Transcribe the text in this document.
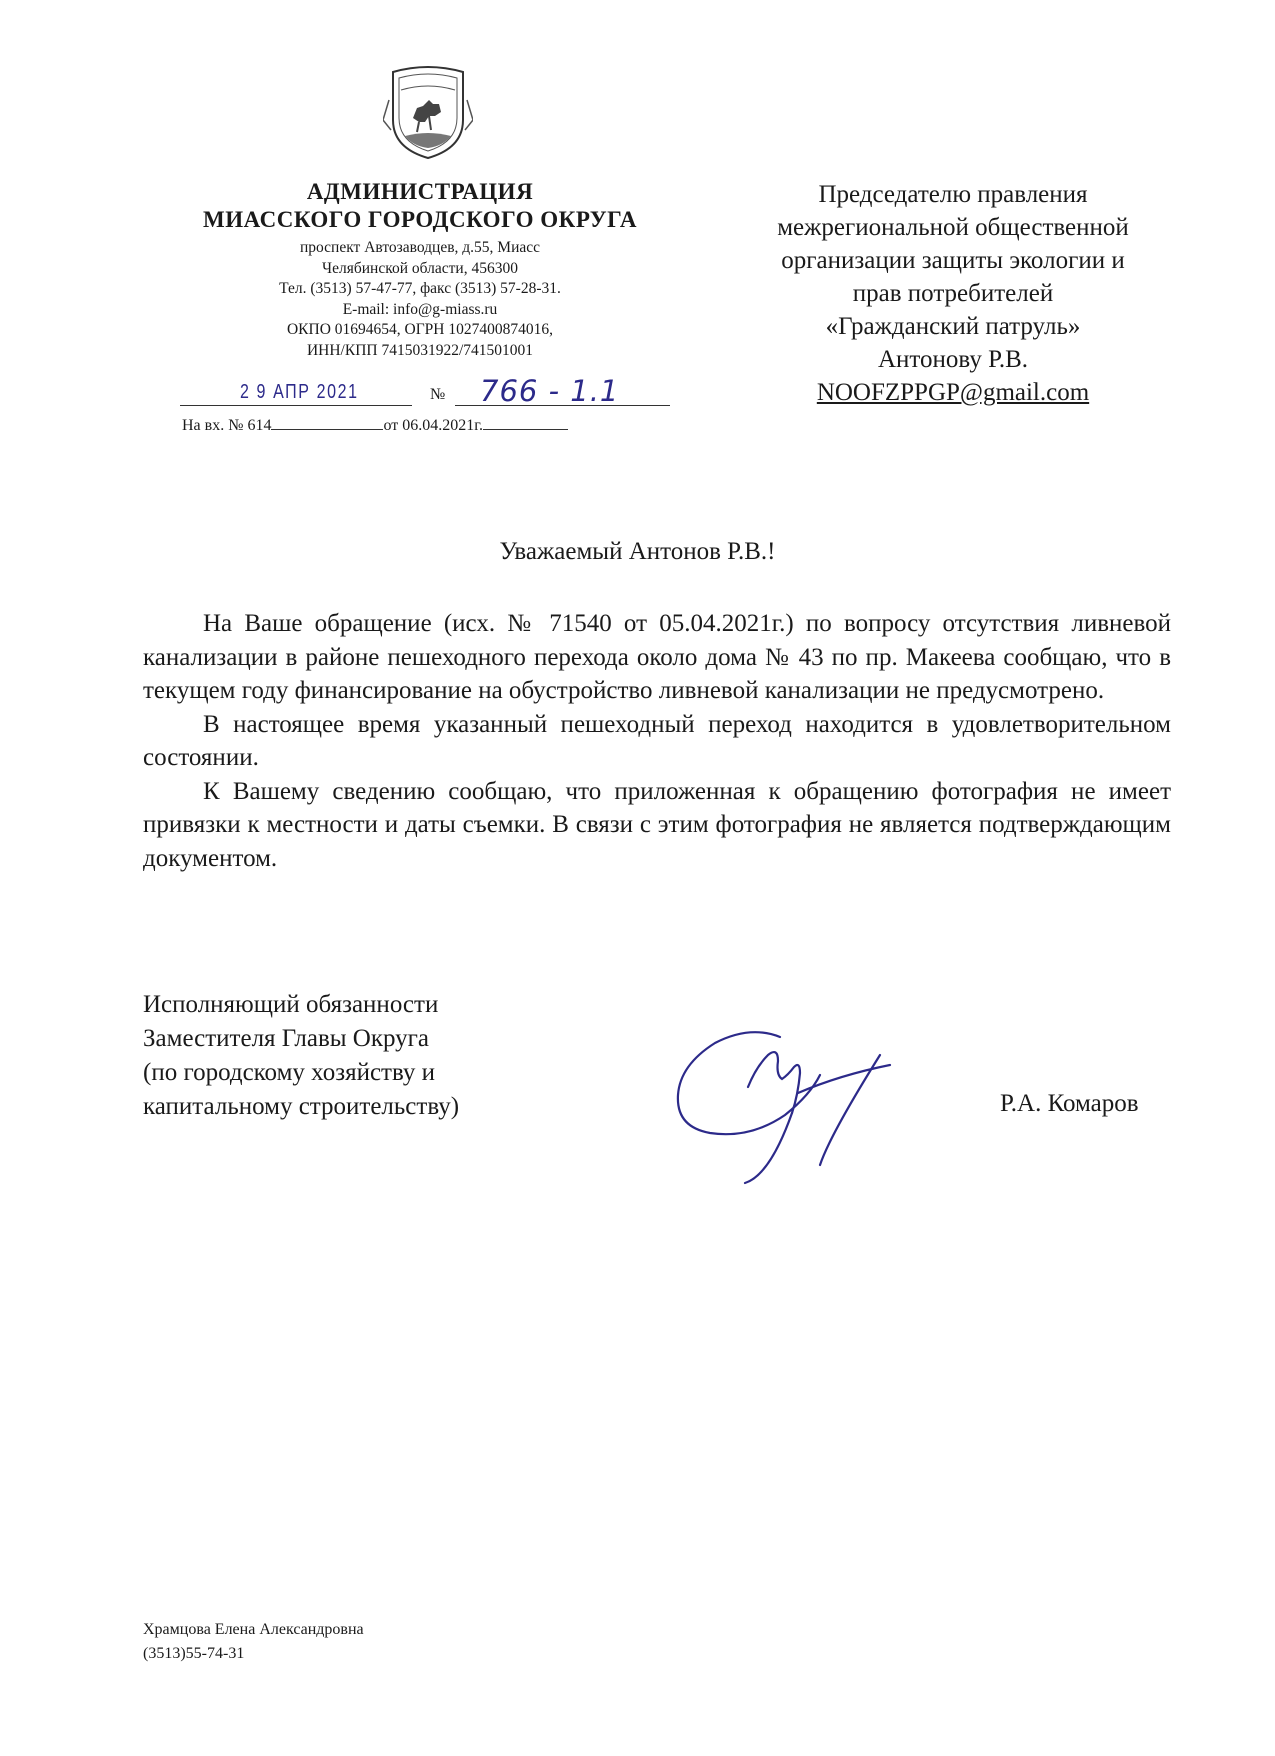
АДМИНИСТРАЦИЯ
МИАССКОГО ГОРОДСКОГО ОКРУГА
проспект Автозаводцев, д.55, Миасс
Челябинской области, 456300
Тел. (3513) 57-47-77, факс (3513) 57-28-31.
E-mail: info@g-miass.ru
ОКПО 01694654, ОГРН 1027400874016,
ИНН/КПП 7415031922/741501001
2 9 АПР 2021	№ 766 - 1.1
На вх. № 614	от 06.04.2021г.
Председателю правления
межрегиональной общественной
организации защиты экологии и
прав потребителей
«Гражданский патруль»
Антонову Р.В.
NOOFZPPGP@gmail.com
Уважаемый Антонов Р.В.!

На Ваше обращение (исх. № 71540 от 05.04.2021г.) по вопросу отсутствия ливневой канализации в районе пешеходного перехода около дома № 43 по пр. Макеева сообщаю, что в текущем году финансирование на обустройство ливневой канализации не предусмотрено.

В настоящее время указанный пешеходный переход находится в удовлетворительном состоянии.

К Вашему сведению сообщаю, что приложенная к обращению фотография не имеет привязки к местности и даты съемки. В связи с этим фотография не является подтверждающим документом.

Исполняющий обязанности
Заместителя Главы Округа
(по городскому хозяйству и
капитальному строительству)	Р.А. Комаров
Храмцова Елена Александровна
(3513)55-74-31
